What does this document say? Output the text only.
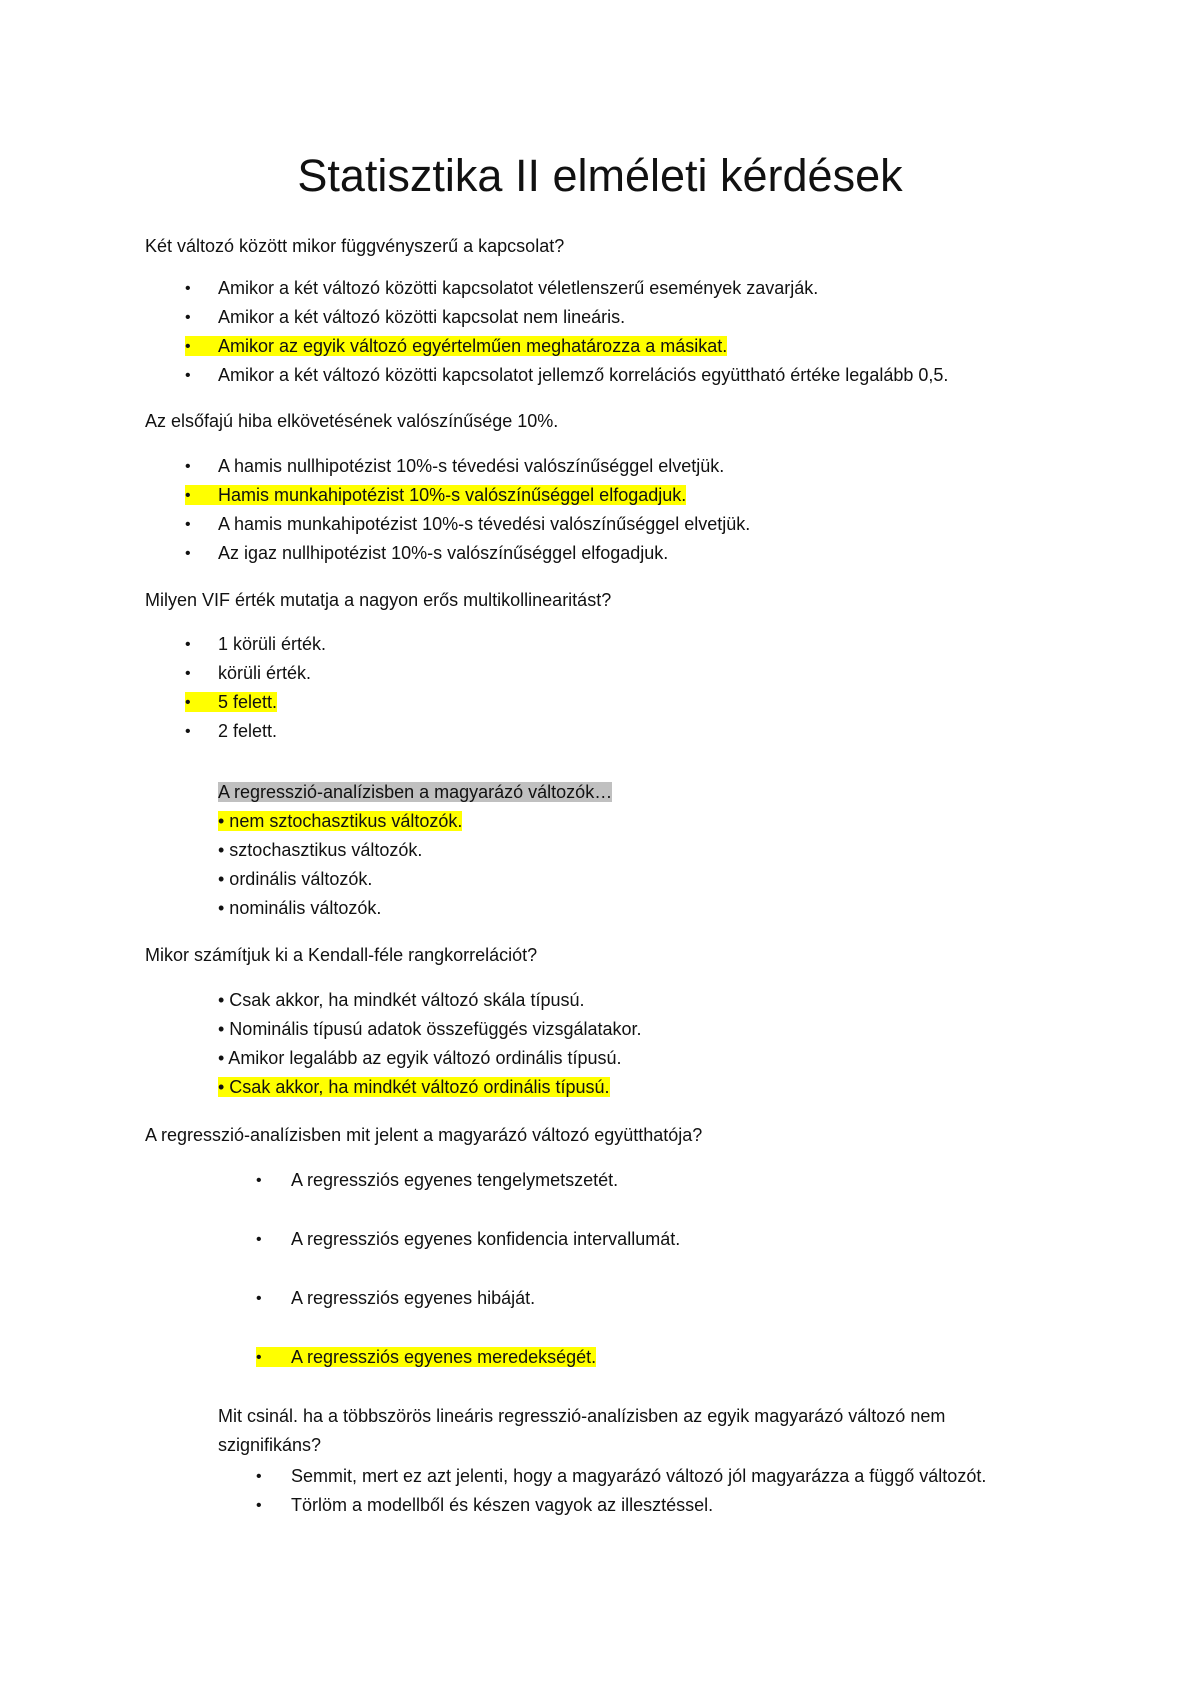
Statisztika II elméleti kérdések

Két változó között mikor függvényszerű a kapcsolat?

• Amikor a két változó közötti kapcsolatot véletlenszerű események zavarják.
• Amikor a két változó közötti kapcsolat nem lineáris.
• Amikor az egyik változó egyértelműen meghatározza a másikat.
• Amikor a két változó közötti kapcsolatot jellemző korrelációs együttható értéke legalább 0,5.

Az elsőfajú hiba elkövetésének valószínűsége 10%.

• A hamis nullhipotézist 10%-s tévedési valószínűséggel elvetjük.
• Hamis munkahipotézist 10%-s valószínűséggel elfogadjuk.
• A hamis munkahipotézist 10%-s tévedési valószínűséggel elvetjük.
• Az igaz nullhipotézist 10%-s valószínűséggel elfogadjuk.

Milyen VIF érték mutatja a nagyon erős multikollinearitást?

• 1 körüli érték.
• körüli érték.
• 5 felett.
• 2 felett.

A regresszió-analízisben a magyarázó változók…

• nem sztochasztikus változók.
• sztochasztikus változók.
• ordinális változók.
• nominális változók.

Mikor számítjuk ki a Kendall-féle rangkorrelációt?

• Csak akkor, ha mindkét változó skála típusú.
• Nominális típusú adatok összefüggés vizsgálatakor.
• Amikor legalább az egyik változó ordinális típusú.
• Csak akkor, ha mindkét változó ordinális típusú.

A regresszió-analízisben mit jelent a magyarázó változó együtthatója?

• A regressziós egyenes tengelymetszetét.
• A regressziós egyenes konfidencia intervallumát.
• A regressziós egyenes hibáját.
• A regressziós egyenes meredekségét.

Mit csinál. ha a többszörös lineáris regresszió-analízisben az egyik magyarázó változó nem szignifikáns?

• Semmit, mert ez azt jelenti, hogy a magyarázó változó jól magyarázza a függő változót.
• Törlöm a modellből és készen vagyok az illesztéssel.
